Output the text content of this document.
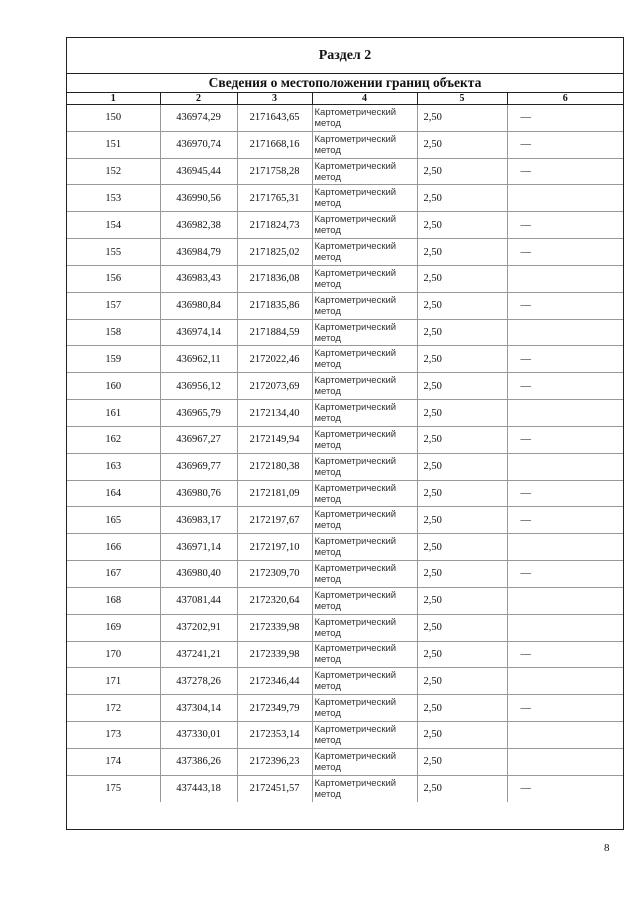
Раздел 2
Сведения о местоположении границ объекта
1	2	3	4	5	6
150	436974,29	2171643,65	Картометрический метод	2,50	—
151	436970,74	2171668,16	Картометрический метод	2,50	—
152	436945,44	2171758,28	Картометрический метод	2,50	—
153	436990,56	2171765,31	Картометрический метод	2,50	
154	436982,38	2171824,73	Картометрический метод	2,50	—
155	436984,79	2171825,02	Картометрический метод	2,50	—
156	436983,43	2171836,08	Картометрический метод	2,50	
157	436980,84	2171835,86	Картометрический метод	2,50	—
158	436974,14	2171884,59	Картометрический метод	2,50	
159	436962,11	2172022,46	Картометрический метод	2,50	—
160	436956,12	2172073,69	Картометрический метод	2,50	—
161	436965,79	2172134,40	Картометрический метод	2,50	
162	436967,27	2172149,94	Картометрический метод	2,50	—
163	436969,77	2172180,38	Картометрический метод	2,50	
164	436980,76	2172181,09	Картометрический метод	2,50	—
165	436983,17	2172197,67	Картометрический метод	2,50	—
166	436971,14	2172197,10	Картометрический метод	2,50	
167	436980,40	2172309,70	Картометрический метод	2,50	—
168	437081,44	2172320,64	Картометрический метод	2,50	
169	437202,91	2172339,98	Картометрический метод	2,50	
170	437241,21	2172339,98	Картометрический метод	2,50	—
171	437278,26	2172346,44	Картометрический метод	2,50	
172	437304,14	2172349,79	Картометрический метод	2,50	—
173	437330,01	2172353,14	Картометрический метод	2,50	
174	437386,26	2172396,23	Картометрический метод	2,50	
175	437443,18	2172451,57	Картометрический метод	2,50	—
8
